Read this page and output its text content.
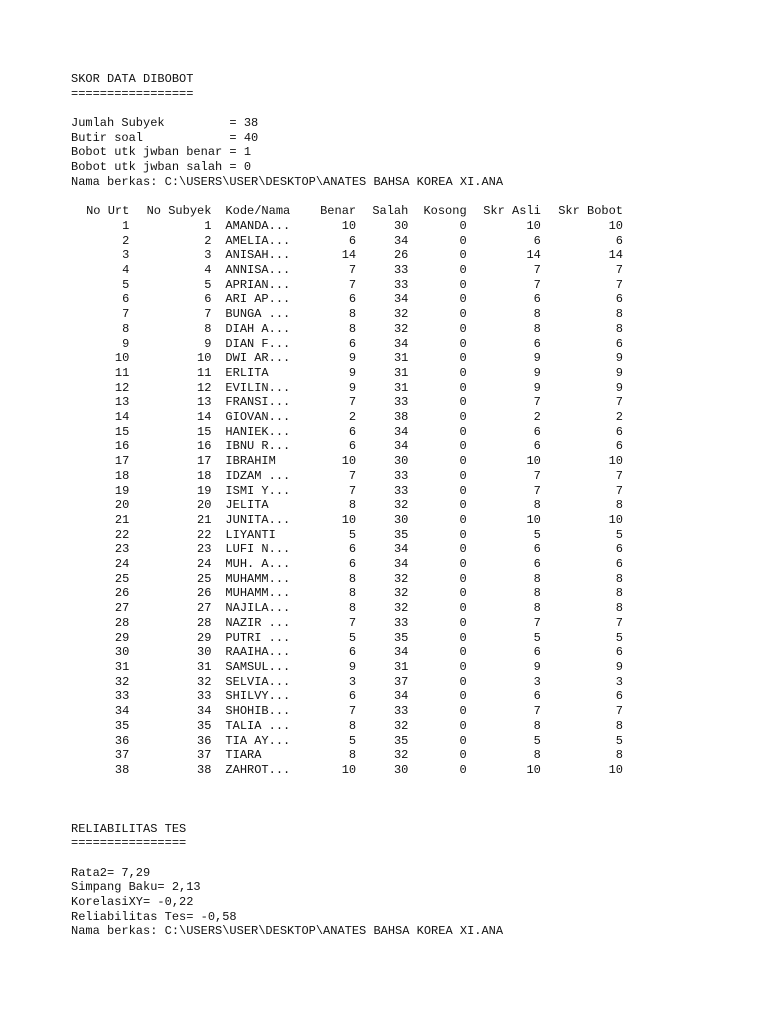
SKOR DATA DIBOBOT
=================
Jumlah Subyek         = 38
Butir soal            = 40
Bobot utk jwban benar = 1
Bobot utk jwban salah = 0
Nama berkas: C:\USERS\USER\DESKTOP\ANATES BAHSA KOREA XI.ANA
No Urt	No Subyek	Kode/Nama	Benar	Salah	Kosong	Skr Asli	Skr Bobot
1	1	AMANDA...	10	30	0	10	10
2	2	AMELIA...	6	34	0	6	6
3	3	ANISAH...	14	26	0	14	14
4	4	ANNISA...	7	33	0	7	7
5	5	APRIAN...	7	33	0	7	7
6	6	ARI AP...	6	34	0	6	6
7	7	BUNGA ...	8	32	0	8	8
8	8	DIAH A...	8	32	0	8	8
9	9	DIAN F...	6	34	0	6	6
10	10	DWI AR...	9	31	0	9	9
11	11	ERLITA	9	31	0	9	9
12	12	EVILIN...	9	31	0	9	9
13	13	FRANSI...	7	33	0	7	7
14	14	GIOVAN...	2	38	0	2	2
15	15	HANIEK...	6	34	0	6	6
16	16	IBNU R...	6	34	0	6	6
17	17	IBRAHIM	10	30	0	10	10
18	18	IDZAM ...	7	33	0	7	7
19	19	ISMI Y...	7	33	0	7	7
20	20	JELITA	8	32	0	8	8
21	21	JUNITA...	10	30	0	10	10
22	22	LIYANTI	5	35	0	5	5
23	23	LUFI N...	6	34	0	6	6
24	24	MUH. A...	6	34	0	6	6
25	25	MUHAMM...	8	32	0	8	8
26	26	MUHAMM...	8	32	0	8	8
27	27	NAJILA...	8	32	0	8	8
28	28	NAZIR ...	7	33	0	7	7
29	29	PUTRI ...	5	35	0	5	5
30	30	RAAIHA...	6	34	0	6	6
31	31	SAMSUL...	9	31	0	9	9
32	32	SELVIA...	3	37	0	3	3
33	33	SHILVY...	6	34	0	6	6
34	34	SHOHIB...	7	33	0	7	7
35	35	TALIA ...	8	32	0	8	8
36	36	TIA AY...	5	35	0	5	5
37	37	TIARA	8	32	0	8	8
38	38	ZAHROT...	10	30	0	10	10
RELIABILITAS TES
================
Rata2= 7,29
Simpang Baku= 2,13
KorelasiXY= -0,22
Reliabilitas Tes= -0,58
Nama berkas: C:\USERS\USER\DESKTOP\ANATES BAHSA KOREA XI.ANA
